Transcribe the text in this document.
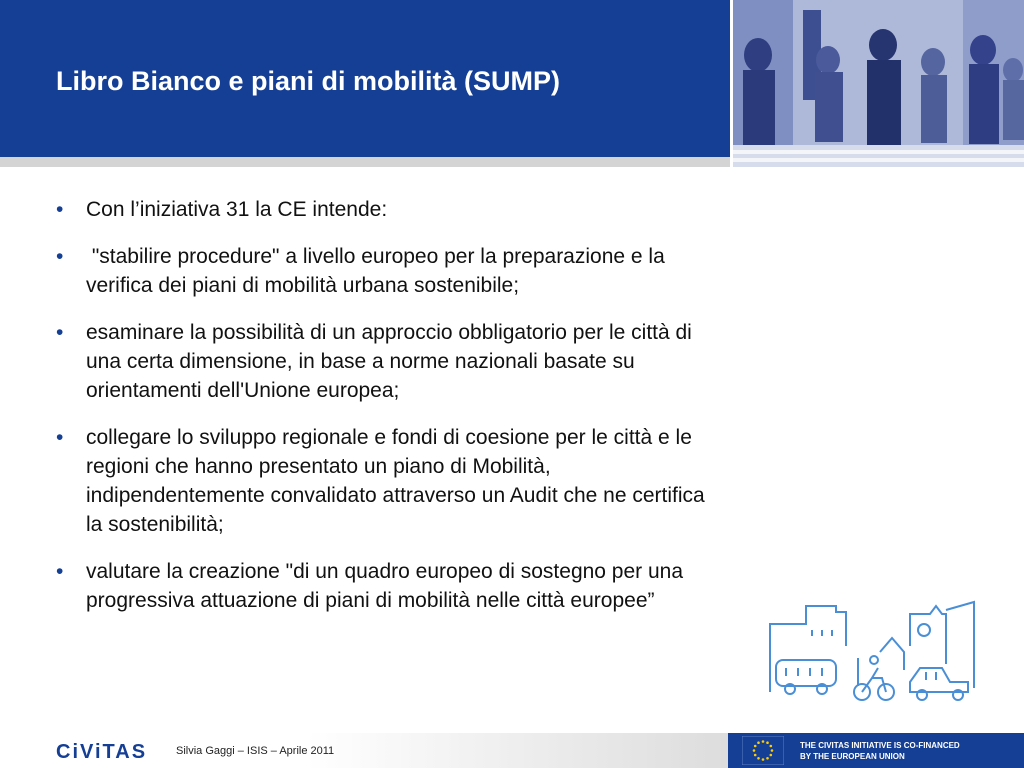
Libro Bianco e piani di mobilità (SUMP)
• Con l’iniziativa 31 la CE intende:
• "stabilire procedure" a livello europeo per la preparazione e la verifica dei piani di mobilità urbana sostenibile;
• esaminare la possibilità di un approccio obbligatorio per le città di una certa dimensione, in base a norme nazionali basate su orientamenti dell'Unione europea;
• collegare lo sviluppo regionale e fondi di coesione per le città e le regioni che hanno presentato un piano di Mobilità, indipendentemente convalidato attraverso un Audit che ne certifica la sostenibilità;
• valutare la creazione "di un quadro europeo di sostegno per una progressiva attuazione di piani di mobilità nelle città europee”
CiViTAS	Silvia Gaggi – ISIS – Aprile 2011	THE CIVITAS INITIATIVE IS CO-FINANCED
BY THE EUROPEAN UNION
